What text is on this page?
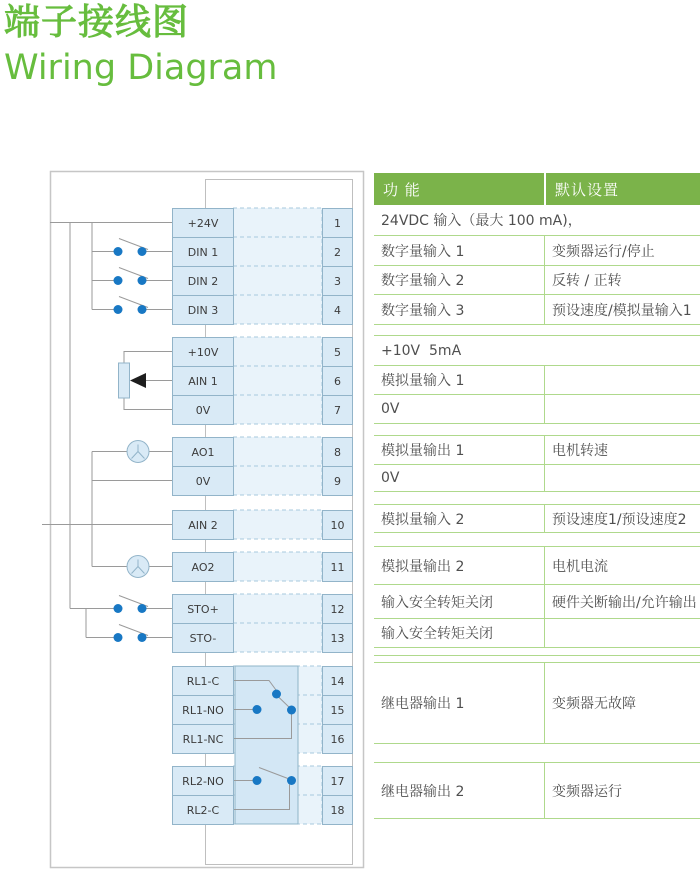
端子接线图
Wiring Diagram
+24V	1
DIN 1	2
DIN 2	3
DIN 3	4
+10V	5
AIN 1	6
0V	7
AO1	8
0V	9
AIN 2	10
AO2	11
STO+	12
STO-	13
RL1-C	14
RL1-NO	15
RL1-NC	16
RL2-NO	17
RL2-C	18
功 能	默认设置
24VDC 输入（最大 100 mA)，
数字量输入 1	变频器运行/停止
数字量输入 2	反转 / 正转
数字量输入 3	预设速度/模拟量输入1
+10V  5mA
模拟量输入 1
0V
模拟量输出 1	电机转速
0V
模拟量输入 2	预设速度1/预设速度2
模拟量输出 2	电机电流
输入安全转矩关闭	硬件关断输出/允许输出
输入安全转矩关闭
继电器输出 1	变频器无故障
继电器输出 2	变频器运行
